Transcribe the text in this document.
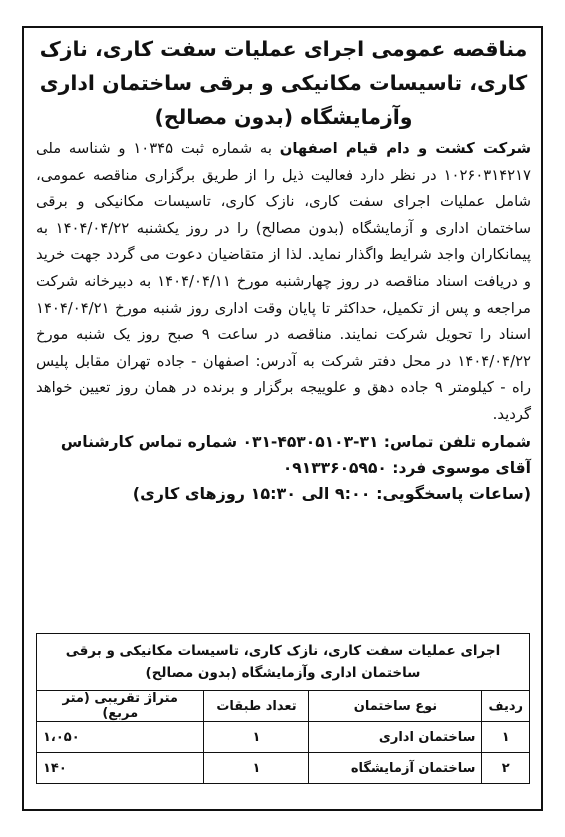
مناقصه عمومی اجرای عملیات سفت کاری، نازک
کاری، تاسیسات مکانیکی و برقی ساختمان اداری
وآزمایشگاه (بدون مصالح)

شرکت کشت و دام قیام اصفهان به شماره ثبت ۱۰۳۴۵ و شناسه ملی ۱۰۲۶۰۳۱۴۲۱۷ در نظر دارد فعالیت ذیل را از طریق برگزاری مناقصه عمومی، شامل عملیات اجرای سفت کاری، نازک کاری، تاسیسات مکانیکی و برقی ساختمان اداری و آزمایشگاه (بدون مصالح) را در روز یکشنبه ۱۴۰۴/۰۴/۲۲ به پیمانکاران واجد شرایط واگذار نماید. لذا از متقاضیان دعوت می گردد جهت خرید و دریافت اسناد مناقصه در روز چهارشنبه مورخ ۱۴۰۴/۰۴/۱۱ به دبیرخانه شرکت مراجعه و پس از تکمیل، حداکثر تا پایان وقت اداری روز شنبه مورخ ۱۴۰۴/۰۴/۲۱ اسناد را تحویل شرکت نمایند. مناقصه در ساعت ۹ صبح روز یک شنبه مورخ ۱۴۰۴/۰۴/۲۲ در محل دفتر شرکت به آدرس: اصفهان - جاده تهران مقابل پلیس راه - کیلومتر ۹ جاده دهق و علوییجه برگزار و برنده در همان روز تعیین خواهد گردید.

شماره تلفن تماس: ۳۱-۴۵۳۰۵۱۰۳-۰۳۱ شماره تماس کارشناس

آقای موسوی فرد: ۰۹۱۳۳۶۰۵۹۵۰

(ساعات پاسخگویی: ۹:۰۰ الی ۱۵:۳۰ روزهای کاری)

اجرای عملیات سفت کاری، نازک کاری، تاسیسات مکانیکی و برقی ساختمان اداری وآزمایشگاه (بدون مصالح)			
ردیف	نوع ساختمان	تعداد طبقات	متراژ تقریبی (متر مربع)
۱	ساختمان اداری	۱	۱،۰۵۰
۲	ساختمان آزمایشگاه	۱	۱۴۰
